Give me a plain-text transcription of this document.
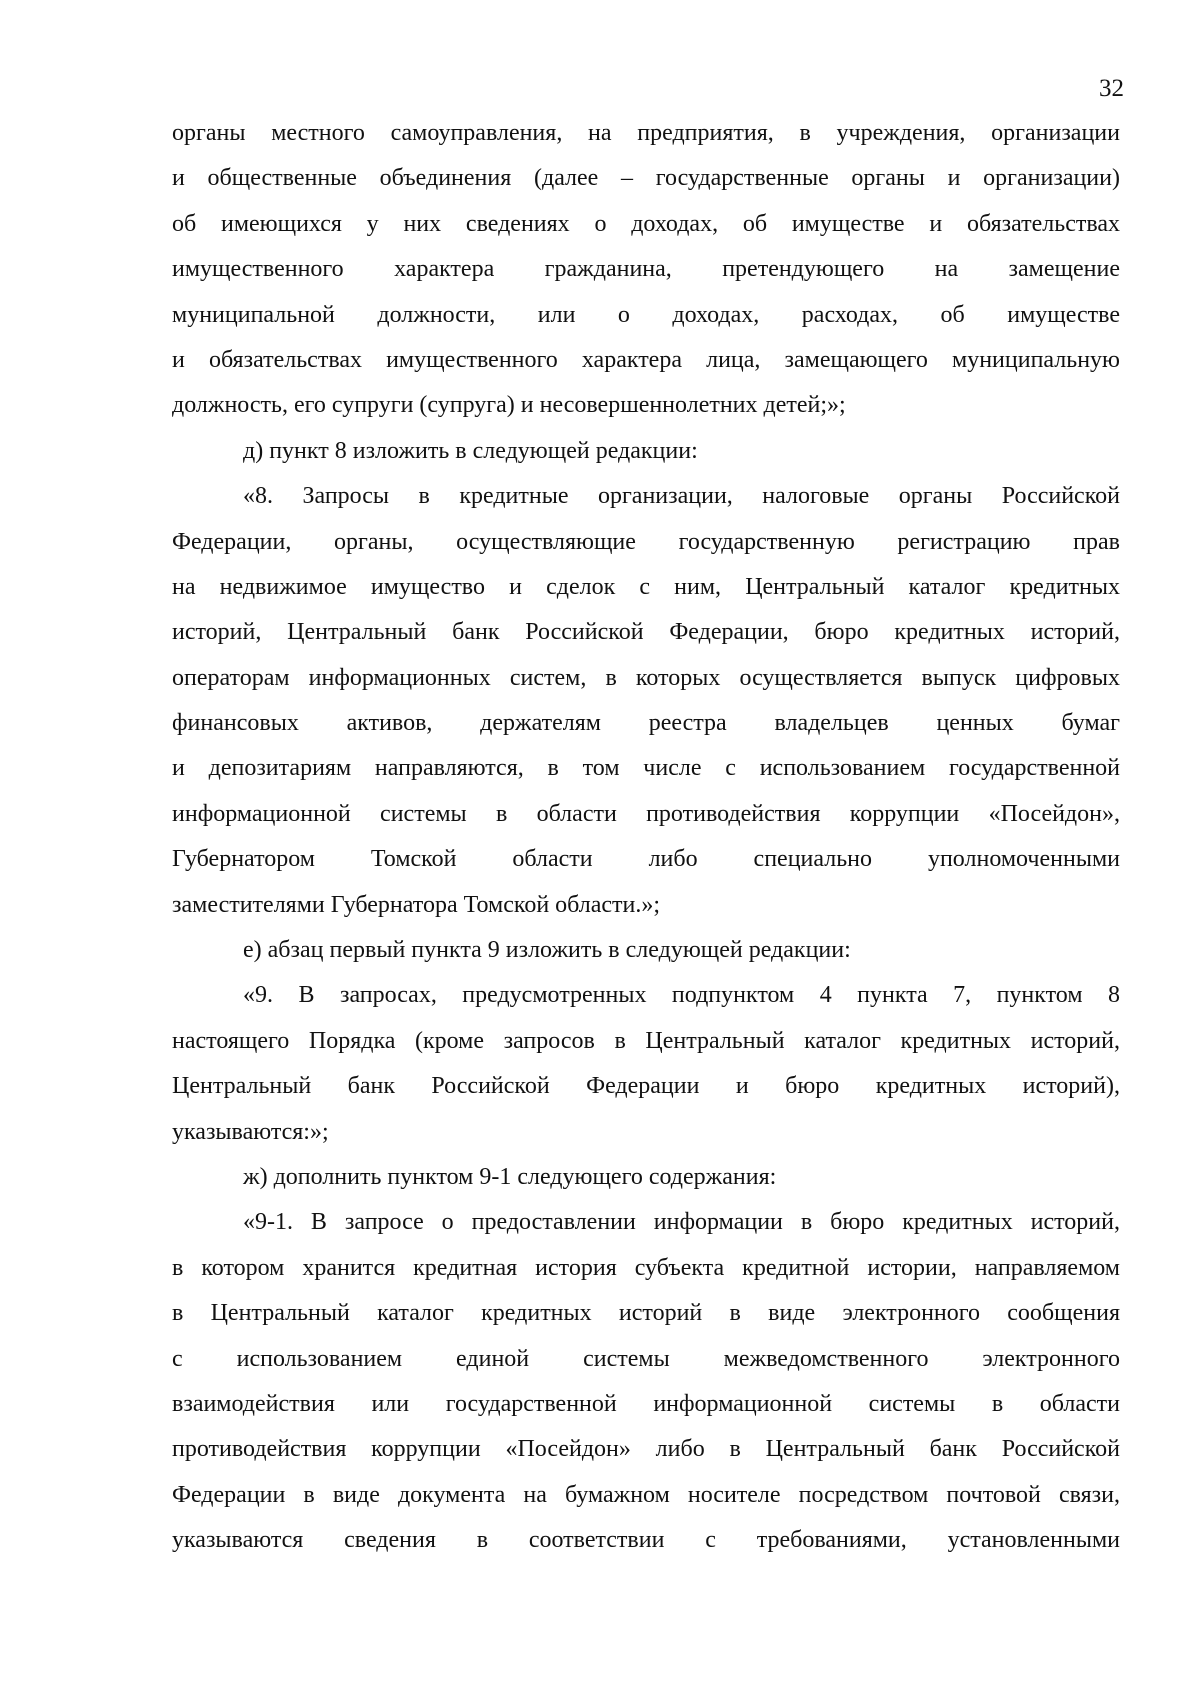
32
органы местного самоуправления, на предприятия, в учреждения, организации
и общественные объединения (далее – государственные органы и организации)
об имеющихся у них сведениях о доходах, об имуществе и обязательствах
имущественного характера гражданина, претендующего на замещение
муниципальной должности, или о доходах, расходах, об имуществе
и обязательствах имущественного характера лица, замещающего муниципальную
должность, его супруги (супруга) и несовершеннолетних детей;»;
д) пункт 8 изложить в следующей редакции:
«8. Запросы в кредитные организации, налоговые органы Российской
Федерации, органы, осуществляющие государственную регистрацию прав
на недвижимое имущество и сделок с ним, Центральный каталог кредитных
историй, Центральный банк Российской Федерации, бюро кредитных историй,
операторам информационных систем, в которых осуществляется выпуск цифровых
финансовых активов, держателям реестра владельцев ценных бумаг
и депозитариям направляются, в том числе с использованием государственной
информационной системы в области противодействия коррупции «Посейдон»,
Губернатором Томской области либо специально уполномоченными
заместителями Губернатора Томской области.»;
е) абзац первый пункта 9 изложить в следующей редакции:
«9. В запросах, предусмотренных подпунктом 4 пункта 7, пунктом 8
настоящего Порядка (кроме запросов в Центральный каталог кредитных историй,
Центральный банк Российской Федерации и бюро кредитных историй),
указываются:»;
ж) дополнить пунктом 9-1 следующего содержания:
«9-1. В запросе о предоставлении информации в бюро кредитных историй,
в котором хранится кредитная история субъекта кредитной истории, направляемом
в Центральный каталог кредитных историй в виде электронного сообщения
с использованием единой системы межведомственного электронного
взаимодействия или государственной информационной системы в области
противодействия коррупции «Посейдон» либо в Центральный банк Российской
Федерации в виде документа на бумажном носителе посредством почтовой связи,
указываются сведения в соответствии с требованиями, установленными
